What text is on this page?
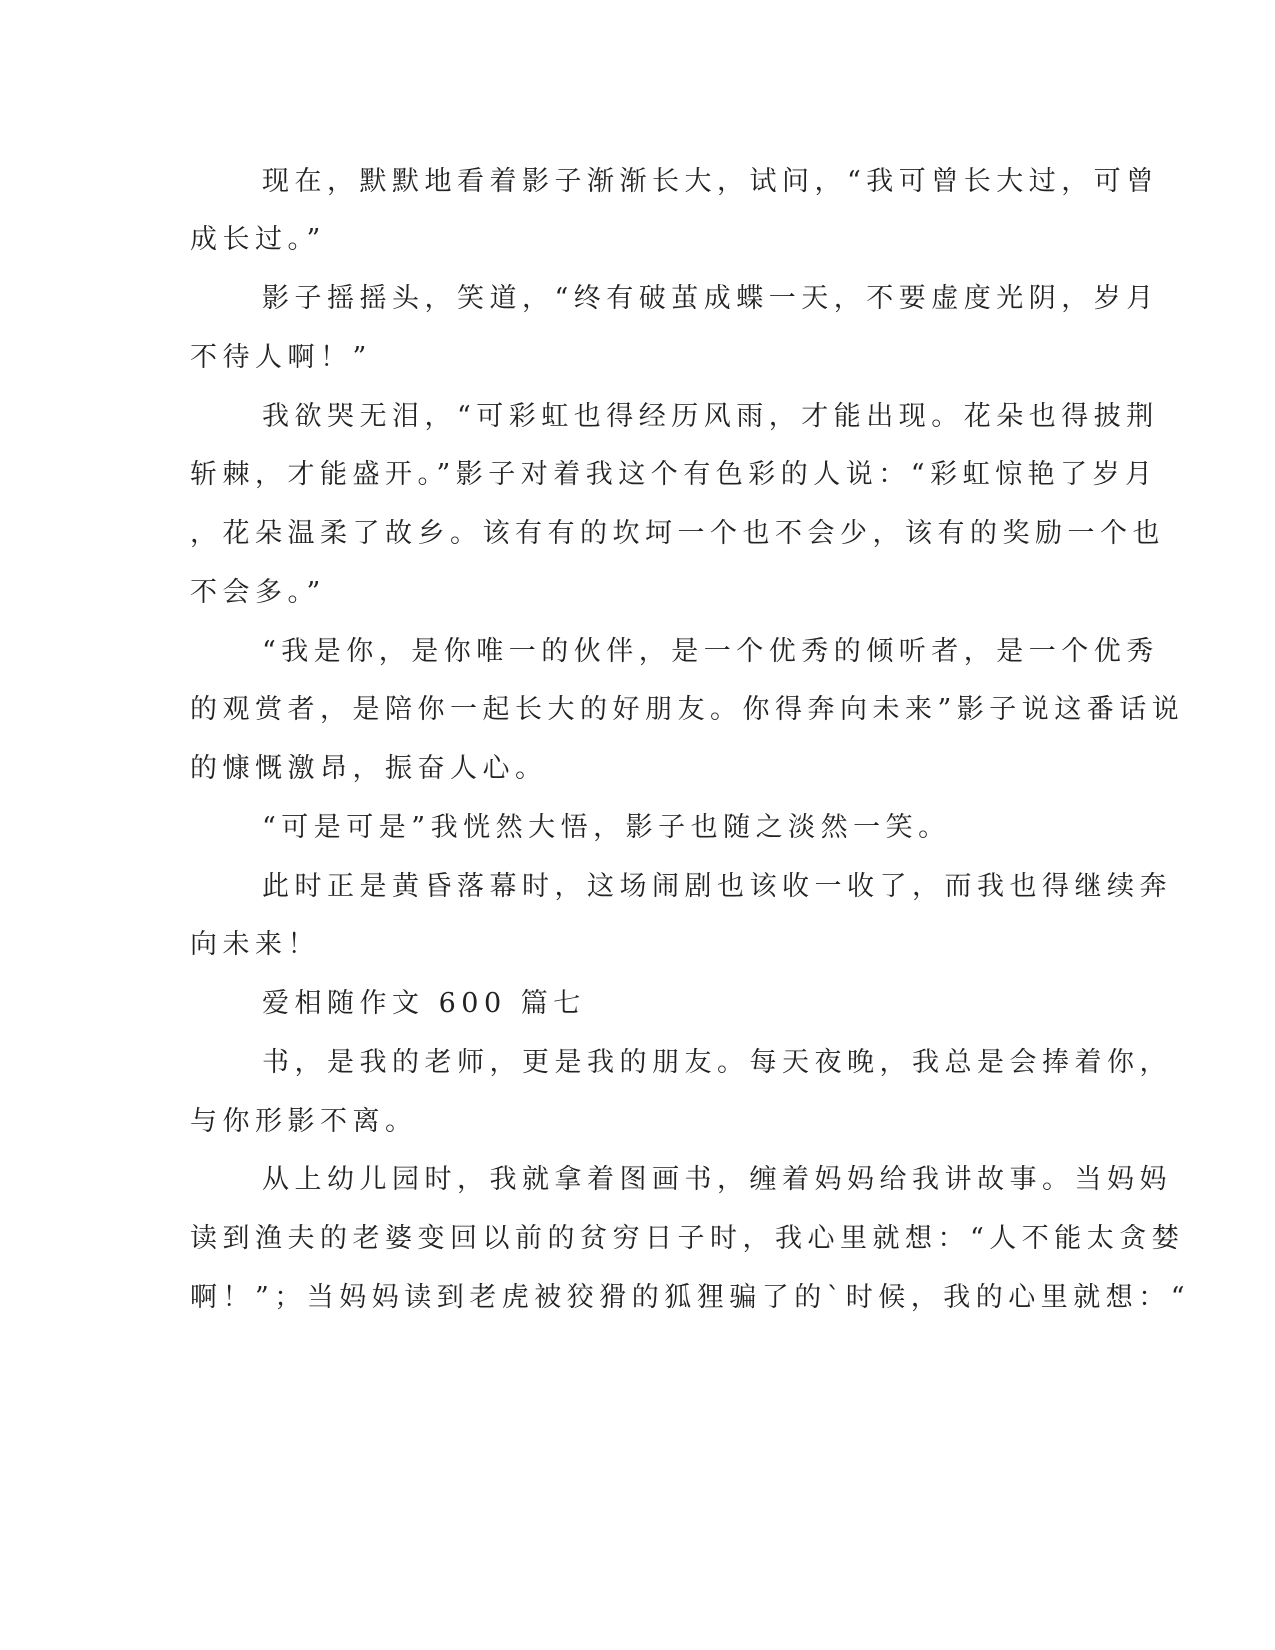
现在，默默地看着影子渐渐长大，试问，“我可曾长大过，可曾
成长过。”
影子摇摇头，笑道，“终有破茧成蝶一天，不要虚度光阴，岁月
不待人啊！”
我欲哭无泪，“可彩虹也得经历风雨，才能出现。花朵也得披荆
斩棘，才能盛开。”影子对着我这个有色彩的人说：“彩虹惊艳了岁月
，花朵温柔了故乡。该有有的坎坷一个也不会少，该有的奖励一个也
不会多。”
“我是你，是你唯一的伙伴，是一个优秀的倾听者，是一个优秀
的观赏者，是陪你一起长大的好朋友。你得奔向未来”影子说这番话说
的慷慨激昂，振奋人心。
“可是可是”我恍然大悟，影子也随之淡然一笑。
此时正是黄昏落幕时，这场闹剧也该收一收了，而我也得继续奔
向未来！
爱相随作文 600 篇七
书，是我的老师，更是我的朋友。每天夜晚，我总是会捧着你，
与你形影不离。
从上幼儿园时，我就拿着图画书，缠着妈妈给我讲故事。当妈妈
读到渔夫的老婆变回以前的贫穷日子时，我心里就想：“人不能太贪婪
啊！”；当妈妈读到老虎被狡猾的狐狸骗了的`时候，我的心里就想：“
